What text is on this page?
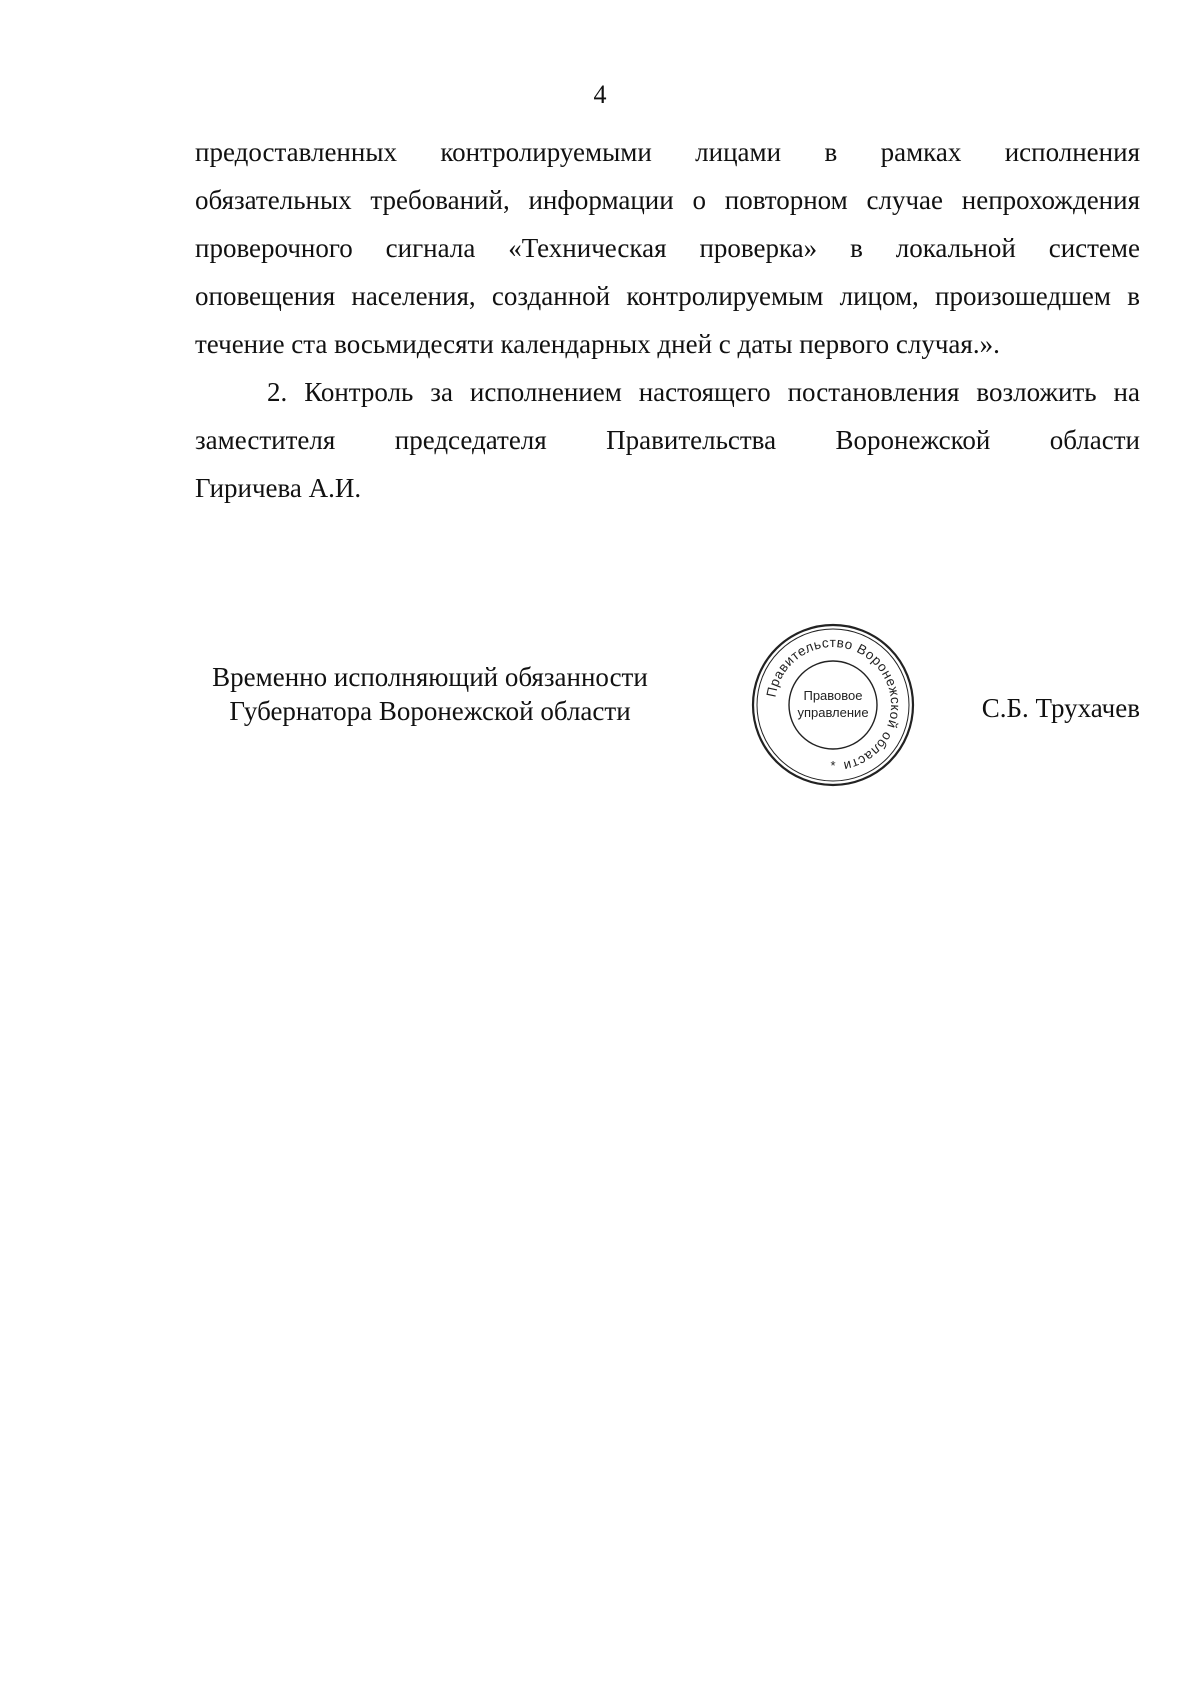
4
предоставленных контролируемыми лицами в рамках исполнения
обязательных требований, информации о повторном случае непрохождения
проверочного сигнала «Техническая проверка» в локальной системе
оповещения населения, созданной контролируемым лицом, произошедшем в
течение ста восьмидесяти календарных дней с даты первого случая.».
2. Контроль за исполнением настоящего постановления возложить на
заместителя председателя Правительства Воронежской области
Гиричева А.И.
Временно исполняющий обязанности
Губернатора Воронежской области
Правительство Воронежской области
Правовое
управление
*
С.Б. Трухачев
